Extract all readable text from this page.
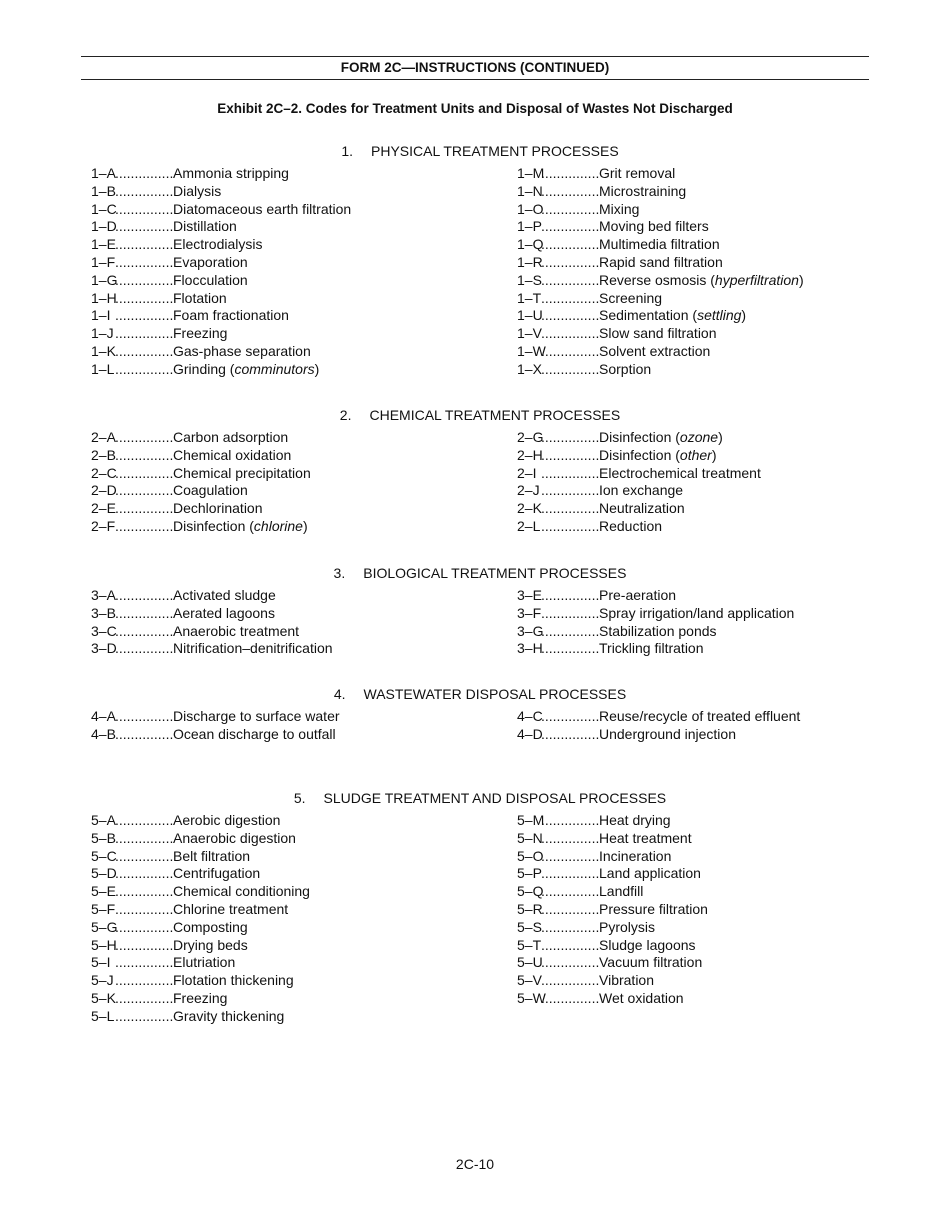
FORM 2C—INSTRUCTIONS (CONTINUED)
Exhibit 2C–2. Codes for Treatment Units and Disposal of Wastes Not Discharged
1. PHYSICAL TREATMENT PROCESSES
1–A .....	Ammonia stripping
1–B .....	Dialysis
1–C .....	Diatomaceous earth filtration
1–D .....	Distillation
1–E .....	Electrodialysis
1–F .....	Evaporation
1–G .....	Flocculation
1–H .....	Flotation
1–I .....	Foam fractionation
1–J .....	Freezing
1–K .....	Gas-phase separation
1–L .....	Grinding (comminutors)
1–M .....	Grit removal
1–N .....	Microstraining
1–O .....	Mixing
1–P .....	Moving bed filters
1–Q .....	Multimedia filtration
1–R .....	Rapid sand filtration
1–S .....	Reverse osmosis (hyperfiltration)
1–T .....	Screening
1–U .....	Sedimentation (settling)
1–V .....	Slow sand filtration
1–W .....	Solvent extraction
1–X .....	Sorption
2. CHEMICAL TREATMENT PROCESSES
2–A .....	Carbon adsorption
2–B .....	Chemical oxidation
2–C .....	Chemical precipitation
2–D .....	Coagulation
2–E .....	Dechlorination
2–F .....	Disinfection (chlorine)
2–G .....	Disinfection (ozone)
2–H .....	Disinfection (other)
2–I .....	Electrochemical treatment
2–J .....	Ion exchange
2–K .....	Neutralization
2–L .....	Reduction
3. BIOLOGICAL TREATMENT PROCESSES
3–A .....	Activated sludge
3–B .....	Aerated lagoons
3–C .....	Anaerobic treatment
3–D .....	Nitrification–denitrification
3–E .....	Pre-aeration
3–F .....	Spray irrigation/land application
3–G .....	Stabilization ponds
3–H .....	Trickling filtration
4. WASTEWATER DISPOSAL PROCESSES
4–A .....	Discharge to surface water
4–B .....	Ocean discharge to outfall
4–C .....	Reuse/recycle of treated effluent
4–D .....	Underground injection
5. SLUDGE TREATMENT AND DISPOSAL PROCESSES
5–A .....	Aerobic digestion
5–B .....	Anaerobic digestion
5–C .....	Belt filtration
5–D .....	Centrifugation
5–E .....	Chemical conditioning
5–F .....	Chlorine treatment
5–G .....	Composting
5–H .....	Drying beds
5–I .....	Elutriation
5–J .....	Flotation thickening
5–K .....	Freezing
5–L .....	Gravity thickening
5–M .....	Heat drying
5–N .....	Heat treatment
5–O .....	Incineration
5–P .....	Land application
5–Q .....	Landfill
5–R .....	Pressure filtration
5–S .....	Pyrolysis
5–T .....	Sludge lagoons
5–U .....	Vacuum filtration
5–V .....	Vibration
5–W .....	Wet oxidation
2C-10
